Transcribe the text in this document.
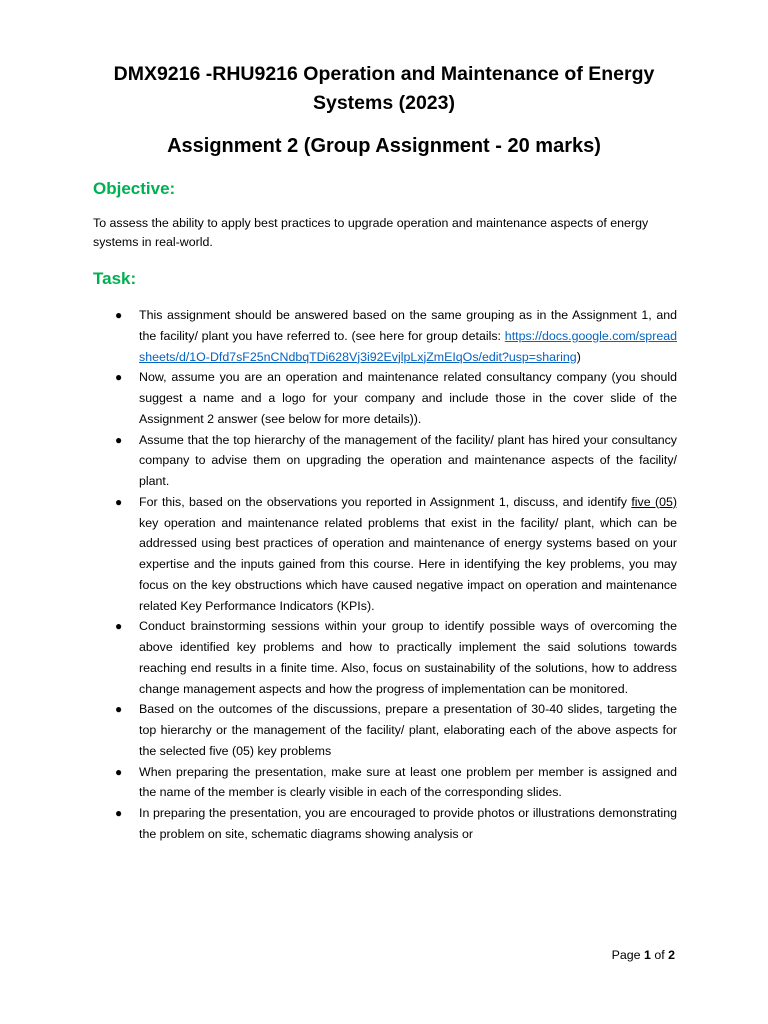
DMX9216 -RHU9216 Operation and Maintenance of Energy Systems (2023)
Assignment 2 (Group Assignment - 20 marks)
Objective:

To assess the ability to apply best practices to upgrade operation and maintenance aspects of energy systems in real-world.

Task:
● This assignment should be answered based on the same grouping as in the Assignment 1, and the facility/ plant you have referred to. (see here for group details: https://docs.google.com/spreadsheets/d/1O-Dfd7sF25nCNdbqTDi628Vj3i92EvjlpLxjZmEIqOs/edit?usp=sharing)
● Now, assume you are an operation and maintenance related consultancy company (you should suggest a name and a logo for your company and include those in the cover slide of the Assignment 2 answer (see below for more details)).
● Assume that the top hierarchy of the management of the facility/ plant has hired your consultancy company to advise them on upgrading the operation and maintenance aspects of the facility/ plant.
● For this, based on the observations you reported in Assignment 1, discuss, and identify five (05) key operation and maintenance related problems that exist in the facility/ plant, which can be addressed using best practices of operation and maintenance of energy systems based on your expertise and the inputs gained from this course. Here in identifying the key problems, you may focus on the key obstructions which have caused negative impact on operation and maintenance related Key Performance Indicators (KPIs).
● Conduct brainstorming sessions within your group to identify possible ways of overcoming the above identified key problems and how to practically implement the said solutions towards reaching end results in a finite time. Also, focus on sustainability of the solutions, how to address change management aspects and how the progress of implementation can be monitored.
● Based on the outcomes of the discussions, prepare a presentation of 30-40 slides, targeting the top hierarchy or the management of the facility/ plant, elaborating each of the above aspects for the selected five (05) key problems
● When preparing the presentation, make sure at least one problem per member is assigned and the name of the member is clearly visible in each of the corresponding slides.
● In preparing the presentation, you are encouraged to provide photos or illustrations demonstrating the problem on site, schematic diagrams showing analysis or
Page 1 of 2
